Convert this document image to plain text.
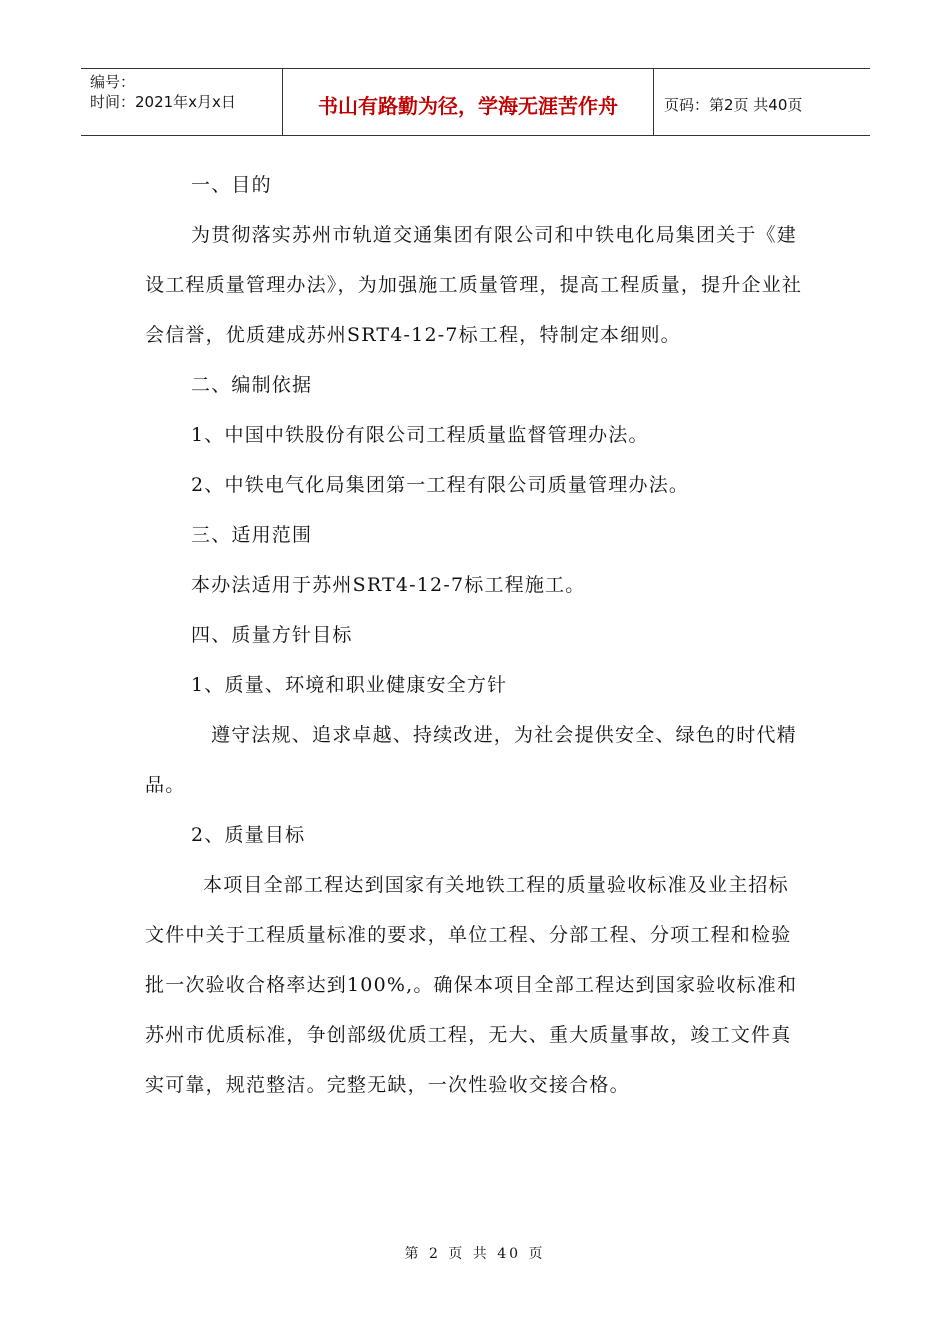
编号：
时间：2021年x月x日	书山有路勤为径，学海无涯苦作舟	页码：第2页 共40页

一、目的

为贯彻落实苏州市轨道交通集团有限公司和中铁电化局集团关于《建设工程质量管理办法》，为加强施工质量管理，提高工程质量，提升企业社会信誉，优质建成苏州SRT4-12-7标工程，特制定本细则。

二、编制依据

1、中国中铁股份有限公司工程质量监督管理办法。

2、中铁电气化局集团第一工程有限公司质量管理办法。

三、适用范围

本办法适用于苏州SRT4-12-7标工程施工。

四、质量方针目标

1、质量、环境和职业健康安全方针

遵守法规、追求卓越、持续改进，为社会提供安全、绿色的时代精品。

2、质量目标

本项目全部工程达到国家有关地铁工程的质量验收标准及业主招标文件中关于工程质量标准的要求，单位工程、分部工程、分项工程和检验批一次验收合格率达到100%,。确保本项目全部工程达到国家验收标准和苏州市优质标准，争创部级优质工程，无大、重大质量事故，竣工文件真实可靠，规范整洁。完整无缺，一次性验收交接合格。

第 2 页 共 40 页
